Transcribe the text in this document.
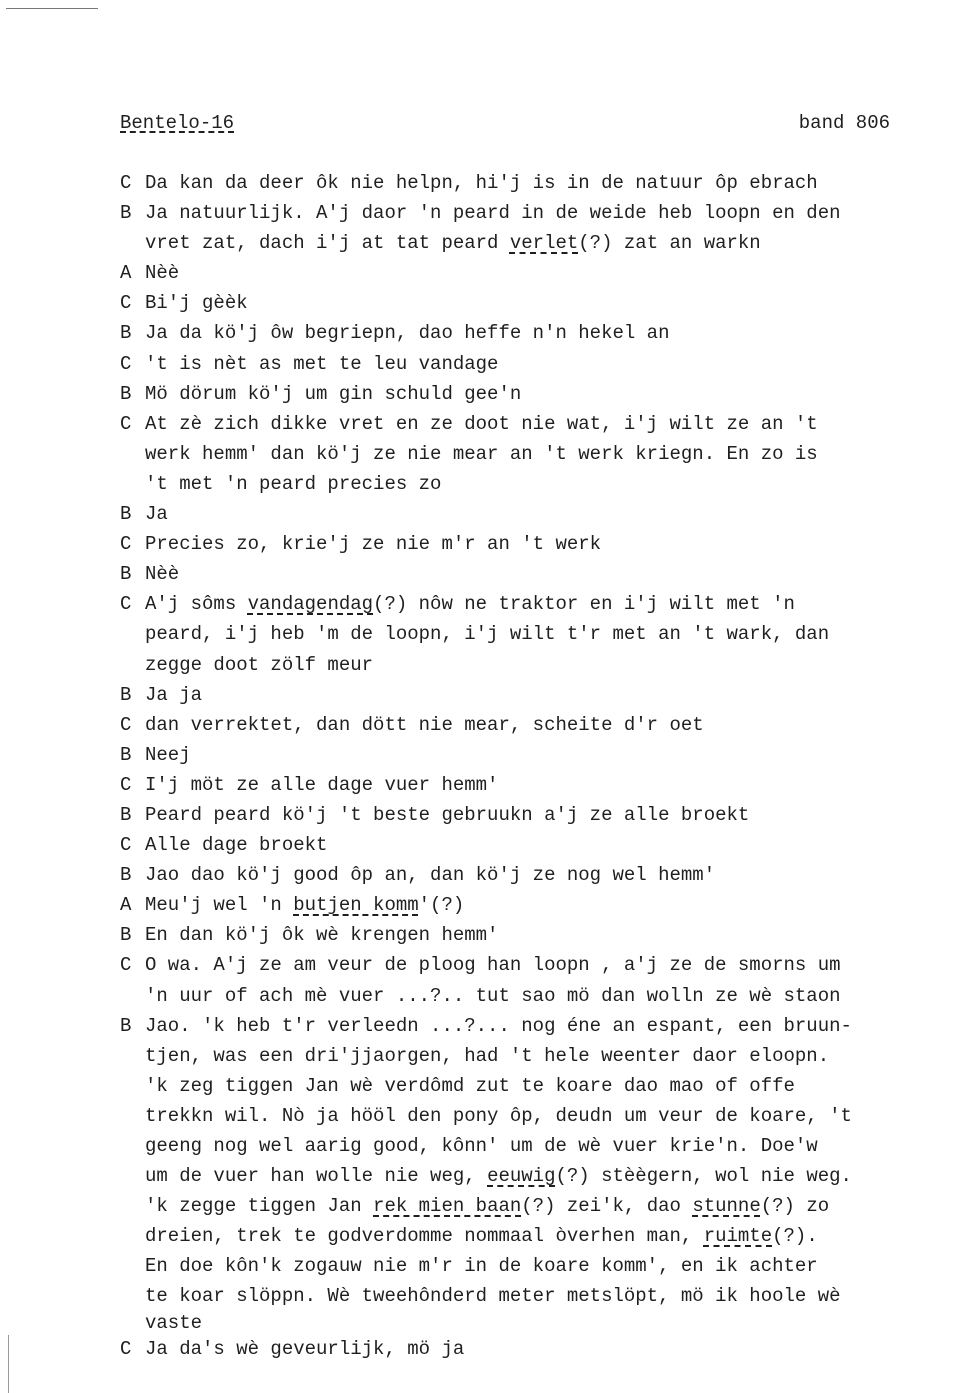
Bentelo-16	band 806
C Da kan da deer ôk nie helpn, hi'j is in de natuur ôp ebrach
B Ja natuurlijk. A'j daor 'n peard in de weide heb loopn en den
vret zat, dach i'j at tat peard verlet(?) zat an warkn
A Nèè
C Bi'j gèèk
B Ja da kö'j ôw begriepn, dao heffe n'n hekel an
C 't is nèt as met te leu vandage
B Mö dörum kö'j um gin schuld gee'n
C At zè zich dikke vret en ze doot nie wat, i'j wilt ze an 't
werk hemm' dan kö'j ze nie mear an 't werk kriegn. En zo is
't met 'n peard precies zo
B Ja
C Precies zo, krie'j ze nie m'r an 't werk
B Nèè
C A'j sôms vandagendag(?) nôw ne traktor en i'j wilt met 'n
peard, i'j heb 'm de loopn, i'j wilt t'r met an 't wark, dan
zegge doot zölf meur
B Ja ja
C dan verrektet, dan dött nie mear, scheite d'r oet
B Neej
C I'j möt ze alle dage vuer hemm'
B Peard peard kö'j 't beste gebruukn a'j ze alle broekt
C Alle dage broekt
B Jao dao kö'j good ôp an, dan kö'j ze nog wel hemm'
A Meu'j wel 'n butjen komm'(?)
B En dan kö'j ôk wè krengen hemm'
C O wa. A'j ze am veur de ploog han loopn , a'j ze de smorns um
'n uur of ach mè vuer ...?.. tut sao mö dan wolln ze wè staon
B Jao. 'k heb t'r verleedn ...?... nog éne an espant, een bruun-
tjen, was een dri'jjaorgen, had 't hele weenter daor eloopn.
'k zeg tiggen Jan wè verdômd zut te koare dao mao of offe
trekkn wil. Nò ja hööl den pony ôp, deudn um veur de koare, 't
geeng nog wel aarig good, kônn' um de wè vuer krie'n. Doe'w
um de vuer han wolle nie weg, eeuwig(?) stèègern, wol nie weg.
'k zegge tiggen Jan rek mien baan(?) zei'k, dao stunne(?) zo
dreien, trek te godverdomme nommaal òverhen man, ruimte(?).
En doe kôn'k zogauw nie m'r in de koare komm', en ik achter
te koar slöppn. Wè tweehônderd meter metslöpt, mö ik hoole wè
vaste
C Ja da's wè geveurlijk, mö ja
